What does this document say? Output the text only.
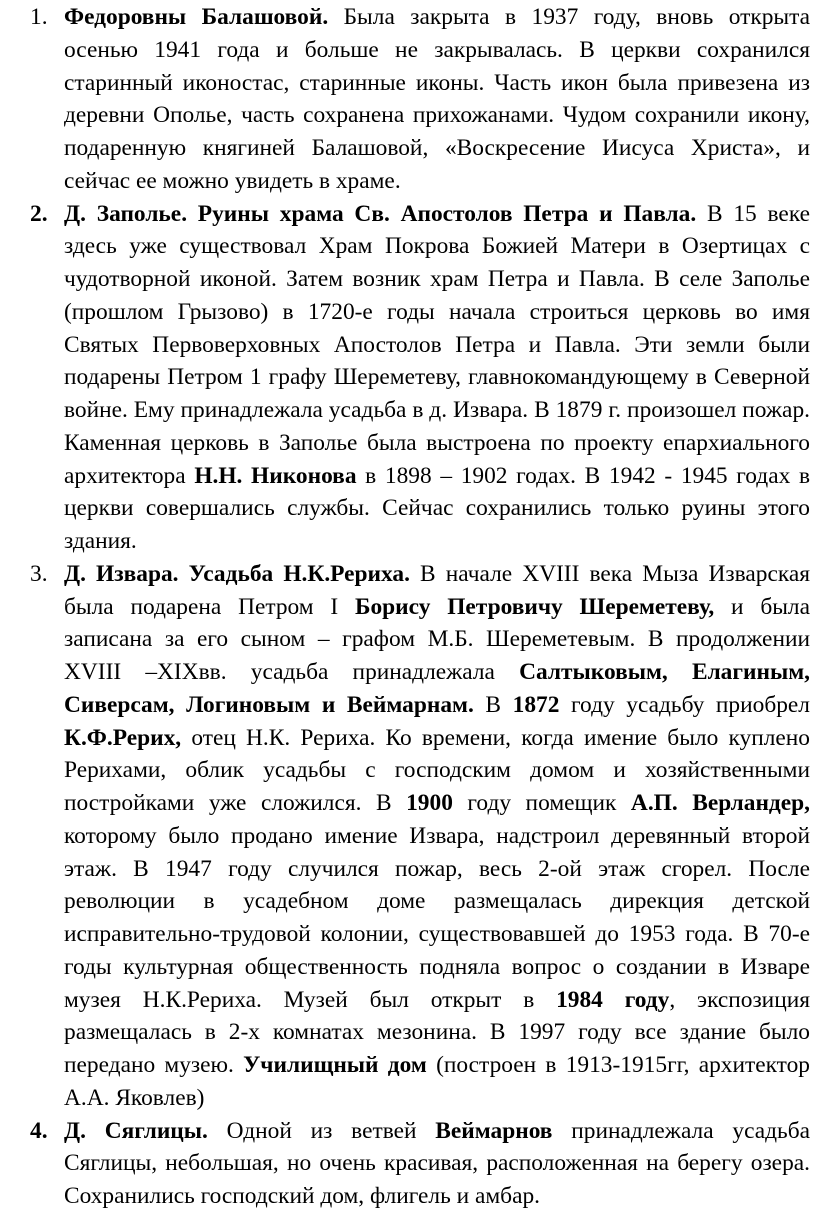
1. Федоровны Балашовой. Была закрыта в 1937 году, вновь открыта осенью 1941 года и больше не закрывалась. В церкви сохранился старинный иконостас, старинные иконы. Часть икон была привезена из деревни Ополье, часть сохранена прихожанами. Чудом сохранили икону, подаренную княгиней Балашовой, «Воскресение Иисуса Христа», и сейчас ее можно увидеть в храме.
2. Д. Заполье. Руины храма Св. Апостолов Петра и Павла. В 15 веке здесь уже существовал Храм Покрова Божией Матери в Озертицах с чудотворной иконой. Затем возник храм Петра и Павла. В селе Заполье (прошлом Грызово) в 1720-е годы начала строиться церковь во имя Святых Первоверховных Апостолов Петра и Павла. Эти земли были подарены Петром 1 графу Шереметеву, главнокомандующему в Северной войне. Ему принадлежала усадьба в д. Извара. В 1879 г. произошел пожар. Каменная церковь в Заполье была выстроена по проекту епархиального архитектора Н.Н. Никонова в 1898 – 1902 годах. В 1942 - 1945 годах в церкви совершались службы. Сейчас сохранились только руины этого здания.
3. Д. Извара. Усадьба Н.К.Рериха. В начале XVIII века Мыза Изварская была подарена Петром I Борису Петровичу Шереметеву, и была записана за его сыном – графом М.Б. Шереметевым. В продолжении XVIII –XIXвв. усадьба принадлежала Салтыковым, Елагиным, Сиверсам, Логиновым и Веймарнам. В 1872 году усадьбу приобрел К.Ф.Рерих, отец Н.К. Рериха. Ко времени, когда имение было куплено Рерихами, облик усадьбы с господским домом и хозяйственными постройками уже сложился. В 1900 году помещик А.П. Верландер, которому было продано имение Извара, надстроил деревянный второй этаж. В 1947 году случился пожар, весь 2-ой этаж сгорел. После революции в усадебном доме размещалась дирекция детской исправительно-трудовой колонии, существовавшей до 1953 года. В 70-е годы культурная общественность подняла вопрос о создании в Изваре музея Н.К.Рериха. Музей был открыт в 1984 году, экспозиция размещалась в 2-х комнатах мезонина. В 1997 году все здание было передано музею. Училищный дом (построен в 1913-1915гг, архитектор А.А. Яковлев)
4. Д. Сяглицы. Одной из ветвей Веймарнов принадлежала усадьба Сяглицы, небольшая, но очень красивая, расположенная на берегу озера. Сохранились господский дом, флигель и амбар.
